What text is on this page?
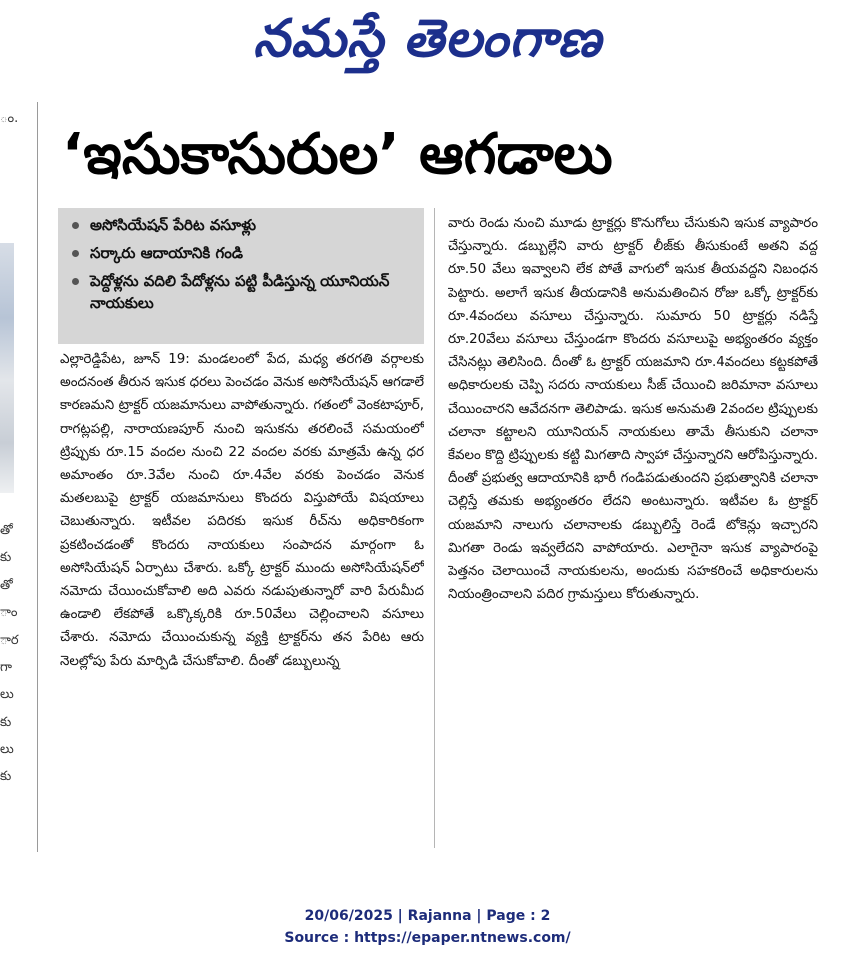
నమస్తే తెలంగాణ
ం.
తో
కు
తో
ాం
ార
గా
లు
కు
లు
కు
‘ఇసుకాసురుల’ ఆగడాలు
అసోసియేషన్ పేరిట వసూళ్లు
సర్కారు ఆదాయానికి గండి
పెద్దోళ్లను వదిలి పేదోళ్లను పట్టి పీడిస్తున్న యూనియన్ నాయకులు
ఎల్లారెడ్డిపేట, జూన్ 19: మండలంలో పేద, మధ్య తరగతి వర్గాలకు అందనంత తీరున ఇసుక ధరలు పెంచడం వెనుక అసోసియేషన్ ఆగడాలే కారణమని ట్రాక్టర్ యజమానులు వాపోతున్నారు. గతంలో వెంకటాపూర్, రాగట్లపల్లి, నారాయణపూర్ నుంచి ఇసుకను తరలించే సమయంలో ట్రిప్పుకు రూ.15 వందల నుంచి 22 వందల వరకు మాత్రమే ఉన్న ధర అమాంతం రూ.3వేల నుంచి రూ.4వేల వరకు పెంచడం వెనుక మతలబుపై ట్రాక్టర్ యజమానులు కొందరు విస్తుపోయే విషయాలు చెబుతున్నారు. ఇటీవల పదిరకు ఇసుక రీచ్‌ను అధికారికంగా ప్రకటించడంతో కొందరు నాయకులు సంపాదన మార్గంగా ఓ అసోసియేషన్ ఏర్పాటు చేశారు. ఒక్కో ట్రాక్టర్ ముందు అసోసియేషన్‌లో నమోదు చేయించుకోవాలి అది ఎవరు నడుపుతున్నారో వారి పేరుమీద ఉండాలి లేకపోతే ఒక్కొక్కరికి రూ.50వేలు చెల్లించాలని వసూలు చేశారు. నమోదు చేయించుకున్న వ్యక్తి ట్రాక్టర్‌ను తన పేరిట ఆరు నెలల్లోపు పేరు మార్పిడి చేసుకోవాలి. దీంతో డబ్బులున్న
వారు రెండు నుంచి మూడు ట్రాక్టర్లు కొనుగోలు చేసుకుని ఇసుక వ్యాపారం చేస్తున్నారు. డబ్బుల్లేని వారు ట్రాక్టర్ లీజ్‌కు తీసుకుంటే అతని వద్ద రూ.50 వేలు ఇవ్వాలని లేక పోతే వాగులో ఇసుక తీయవద్దని నిబంధన పెట్టారు. అలాగే ఇసుక తీయడానికి అనుమతించిన రోజు ఒక్కో ట్రాక్టర్‌కు రూ.4వందలు వసూలు చేస్తున్నారు. సుమారు 50 ట్రాక్టర్లు నడిస్తే రూ.20వేలు వసూలు చేస్తుండగా కొందరు వసూలుపై అభ్యంతరం వ్యక్తం చేసినట్లు తెలిసింది. దీంతో ఓ ట్రాక్టర్ యజమాని రూ.4వందలు కట్టకపోతే అధికారులకు చెప్పి సదరు నాయకులు సీజ్ చేయించి జరిమానా వసూలు చేయించారని ఆవేదనగా తెలిపాడు. ఇసుక అనుమతి 2వందల ట్రిప్పులకు చలానా కట్టాలని యూనియన్ నాయకులు తామే తీసుకుని చలానా కేవలం కొద్ది ట్రిప్పులకు కట్టి మిగతాది స్వాహా చేస్తున్నారని ఆరోపిస్తున్నారు. దీంతో ప్రభుత్వ ఆదాయానికి భారీ గండిపడుతుందని ప్రభుత్వానికి చలానా చెల్లిస్తే తమకు అభ్యంతరం లేదని అంటున్నారు. ఇటీవల ఓ ట్రాక్టర్ యజమాని నాలుగు చలానాలకు డబ్బులిస్తే రెండే టోకెన్లు ఇచ్చారని మిగతా రెండు ఇవ్వలేదని వాపోయారు. ఎలాగైనా ఇసుక వ్యాపారంపై పెత్తనం చెలాయించే నాయకులను, అందుకు సహకరించే అధికారులను నియంత్రించాలని పదిర గ్రామస్తులు కోరుతున్నారు.
20/06/2025 | Rajanna | Page : 2
Source : https://epaper.ntnews.com/
